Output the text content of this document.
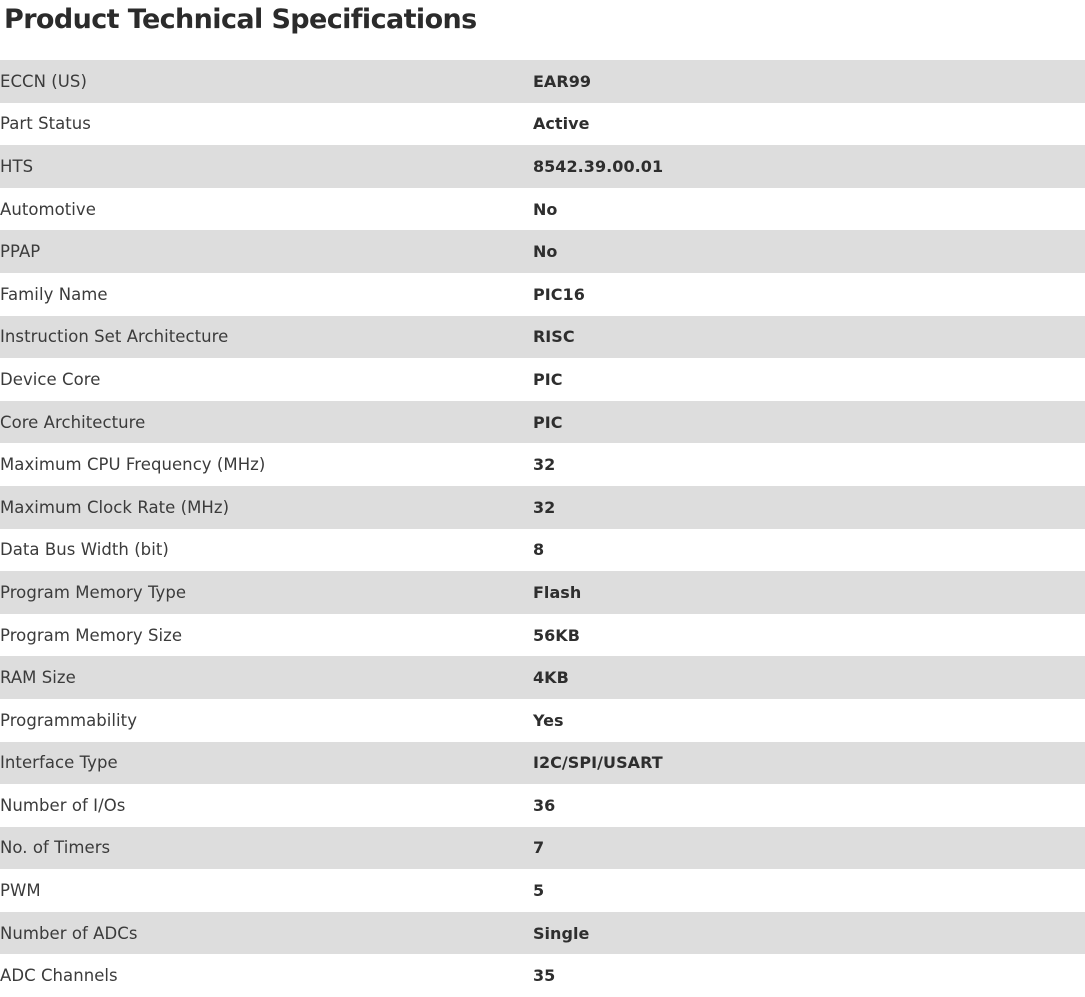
Product Technical Specifications
ECCN (US)	EAR99
Part Status	Active
HTS	8542.39.00.01
Automotive	No
PPAP	No
Family Name	PIC16
Instruction Set Architecture	RISC
Device Core	PIC
Core Architecture	PIC
Maximum CPU Frequency (MHz)	32
Maximum Clock Rate (MHz)	32
Data Bus Width (bit)	8
Program Memory Type	Flash
Program Memory Size	56KB
RAM Size	4KB
Programmability	Yes
Interface Type	I2C/SPI/USART
Number of I/Os	36
No. of Timers	7
PWM	5
Number of ADCs	Single
ADC Channels	35
